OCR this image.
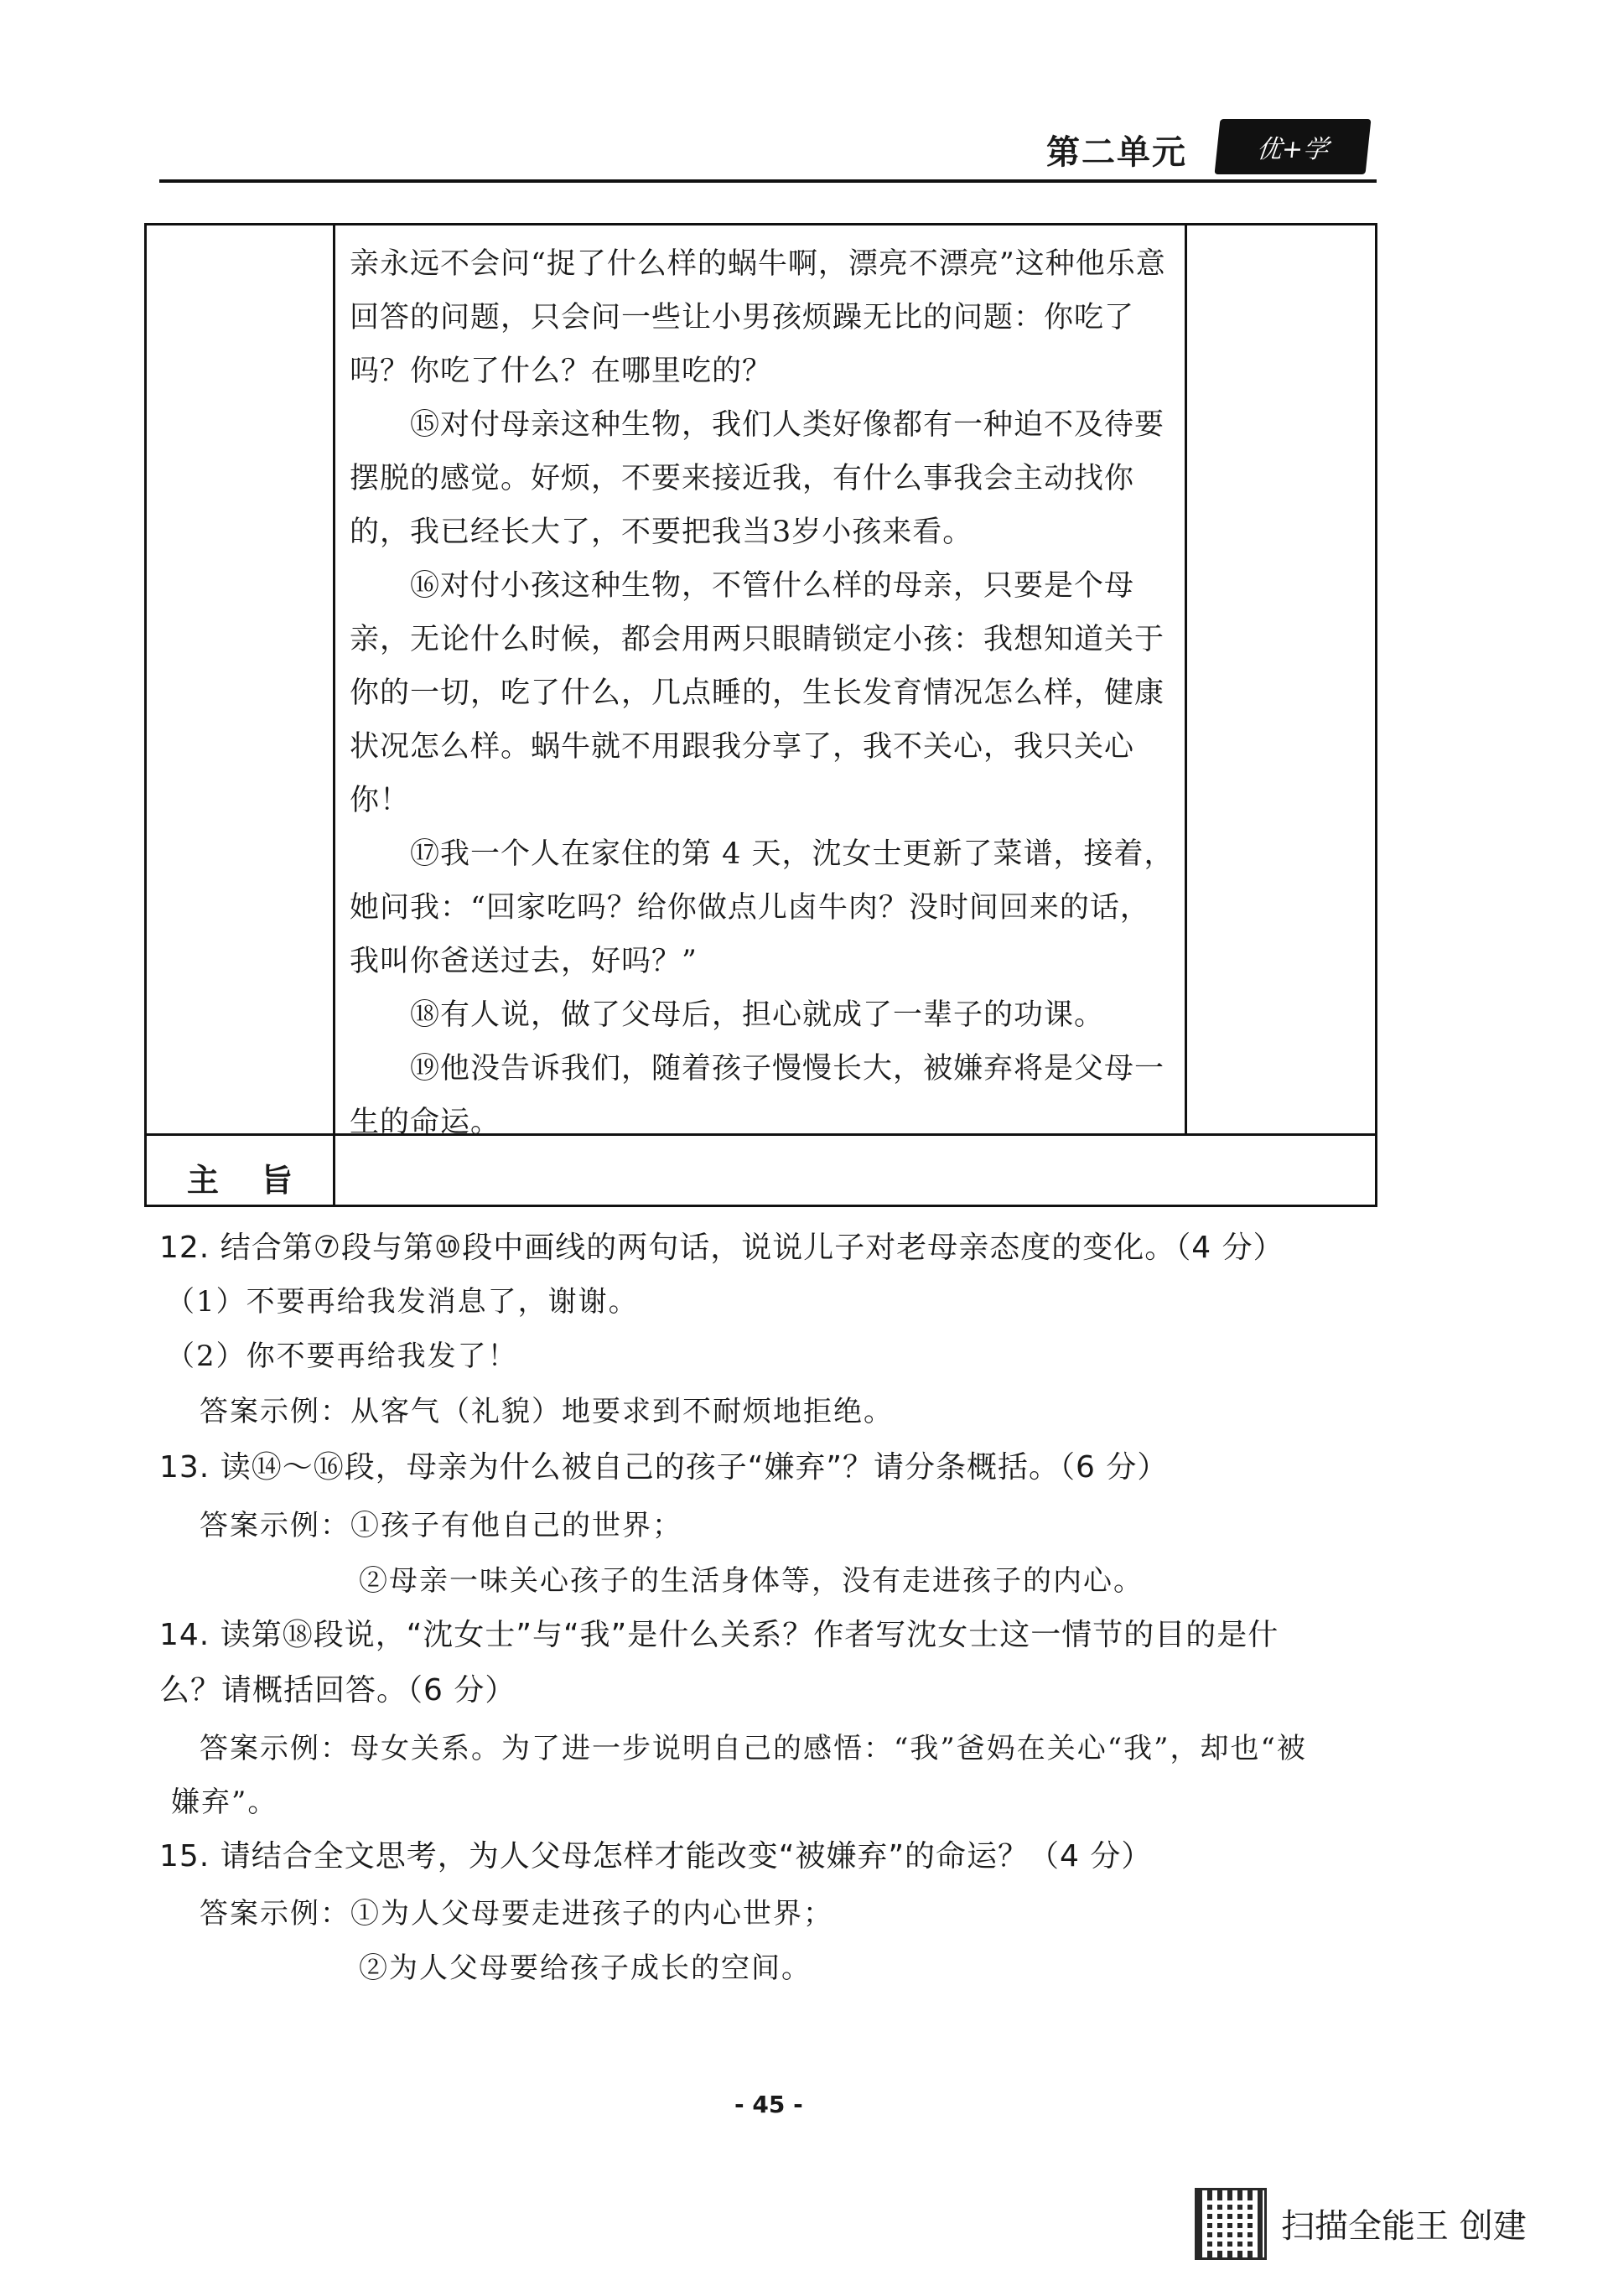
第二单元	优+学

亲永远不会问“捉了什么样的蜗牛啊，漂亮不漂亮”这种他乐意回答的问题，只会问一些让小男孩烦躁无比的问题：你吃了吗？你吃了什么？在哪里吃的？

⑮对付母亲这种生物，我们人类好像都有一种迫不及待要摆脱的感觉。好烦，不要来接近我，有什么事我会主动找你的，我已经长大了，不要把我当3岁小孩来看。

⑯对付小孩这种生物，不管什么样的母亲，只要是个母亲，无论什么时候，都会用两只眼睛锁定小孩：我想知道关于你的一切，吃了什么，几点睡的，生长发育情况怎么样，健康状况怎么样。蜗牛就不用跟我分享了，我不关心，我只关心你！

⑰我一个人在家住的第 4 天，沈女士更新了菜谱，接着，她问我：“回家吃吗？给你做点儿卤牛肉？没时间回来的话，我叫你爸送过去，好吗？”

⑱有人说，做了父母后，担心就成了一辈子的功课。

⑲他没告诉我们，随着孩子慢慢长大，被嫌弃将是父母一生的命运。

主旨
12. 结合第⑦段与第⑩段中画线的两句话，说说儿子对老母亲态度的变化。（4 分）
（1）不要再给我发消息了，谢谢。
（2）你不要再给我发了！
答案示例：从客气（礼貌）地要求到不耐烦地拒绝。
13. 读⑭～⑯段，母亲为什么被自己的孩子“嫌弃”？请分条概括。（6 分）
答案示例：①孩子有他自己的世界；
②母亲一味关心孩子的生活身体等，没有走进孩子的内心。
14. 读第⑱段说，“沈女士”与“我”是什么关系？作者写沈女士这一情节的目的是什
么？请概括回答。（6 分）
答案示例：母女关系。为了进一步说明自己的感悟：“我”爸妈在关心“我”，却也“被
嫌弃”。
15. 请结合全文思考，为人父母怎样才能改变“被嫌弃”的命运？（4 分）
答案示例：①为人父母要走进孩子的内心世界；
②为人父母要给孩子成长的空间。
- 45 -
扫描全能王 创建
